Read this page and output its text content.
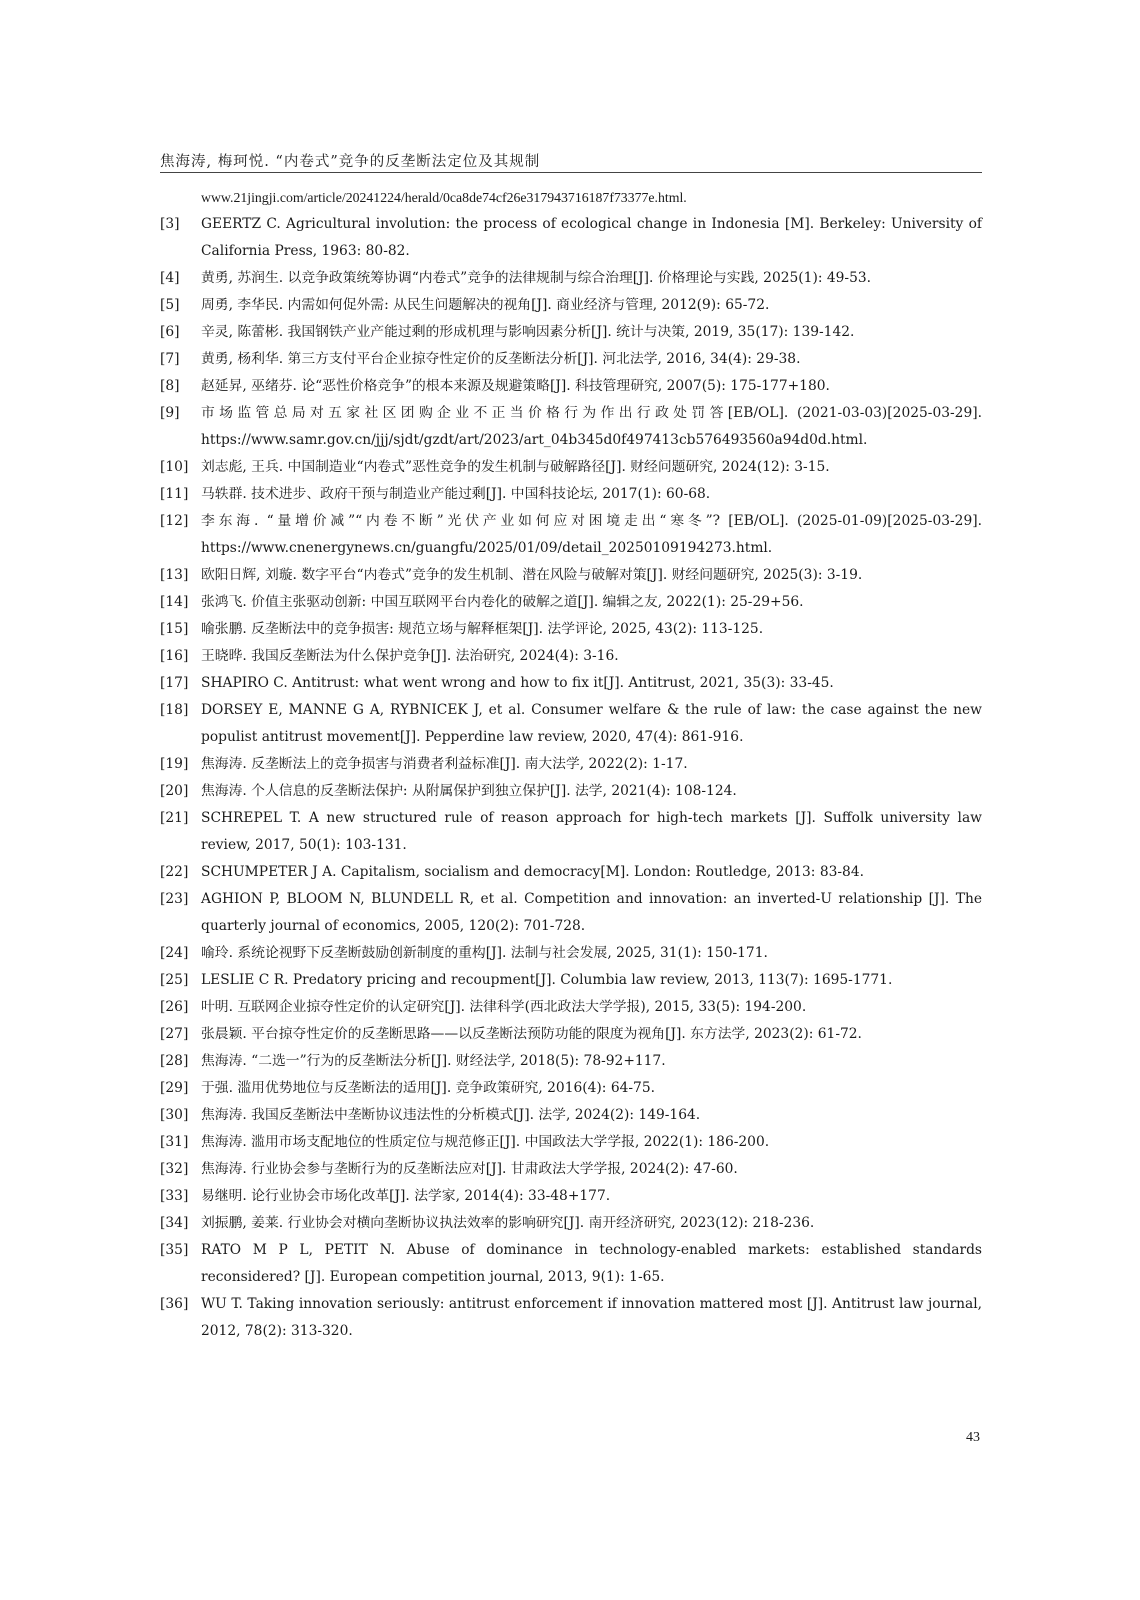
焦海涛, 梅珂悦. “内卷式”竞争的反垄断法定位及其规制
www.21jingji.com/article/20241224/herald/0ca8de74cf26e317943716187f73377e.html.
[3]	GEERTZ C. Agricultural involution: the process of ecological change in Indonesia [M]. Berkeley: University of California Press, 1963: 80-82.
[4]	黄勇, 苏润生. 以竞争政策统筹协调“内卷式”竞争的法律规制与综合治理[J]. 价格理论与实践, 2025(1): 49-53.
[5]	周勇, 李华民. 内需如何促外需: 从民生问题解决的视角[J]. 商业经济与管理, 2012(9): 65-72.
[6]	辛灵, 陈蕾彬. 我国钢铁产业产能过剩的形成机理与影响因素分析[J]. 统计与决策, 2019, 35(17): 139-142.
[7]	黄勇, 杨利华. 第三方支付平台企业掠夺性定价的反垄断法分析[J]. 河北法学, 2016, 34(4): 29-38.
[8]	赵延昇, 巫绪芬. 论“恶性价格竞争”的根本来源及规避策略[J]. 科技管理研究, 2007(5): 175-177+180.
[9]	市场监管总局对五家社区团购企业不正当价格行为作出行政处罚答[EB/OL]. (2021-03-03)[2025-03-29]. https://www.samr.gov.cn/jjj/sjdt/gzdt/art/2023/art_04b345d0f497413cb576493560a94d0d.html.
[10] 刘志彪, 王兵. 中国制造业“内卷式”恶性竞争的发生机制与破解路径[J]. 财经问题研究, 2024(12): 3-15.
[11] 马轶群. 技术进步、政府干预与制造业产能过剩[J]. 中国科技论坛, 2017(1): 60-68.
[12] 李东海. “量增价减”“内卷不断”光伏产业如何应对困境走出“寒冬”? [EB/OL]. (2025-01-09)[2025-03-29]. https://www.cnenergynews.cn/guangfu/2025/01/09/detail_20250109194273.html.
[13] 欧阳日辉, 刘璇. 数字平台“内卷式”竞争的发生机制、潜在风险与破解对策[J]. 财经问题研究, 2025(3): 3-19.
[14] 张鸿飞. 价值主张驱动创新: 中国互联网平台内卷化的破解之道[J]. 编辑之友, 2022(1): 25-29+56.
[15] 喻张鹏. 反垄断法中的竞争损害: 规范立场与解释框架[J]. 法学评论, 2025, 43(2): 113-125.
[16] 王晓晔. 我国反垄断法为什么保护竞争[J]. 法治研究, 2024(4): 3-16.
[17] SHAPIRO C. Antitrust: what went wrong and how to fix it[J]. Antitrust, 2021, 35(3): 33-45.
[18] DORSEY E, MANNE G A, RYBNICEK J, et al. Consumer welfare & the rule of law: the case against the new populist antitrust movement[J]. Pepperdine law review, 2020, 47(4): 861-916.
[19] 焦海涛. 反垄断法上的竞争损害与消费者利益标准[J]. 南大法学, 2022(2): 1-17.
[20] 焦海涛. 个人信息的反垄断法保护: 从附属保护到独立保护[J]. 法学, 2021(4): 108-124.
[21] SCHREPEL T. A new structured rule of reason approach for high-tech markets [J]. Suffolk university law review, 2017, 50(1): 103-131.
[22] SCHUMPETER J A. Capitalism, socialism and democracy[M]. London: Routledge, 2013: 83-84.
[23] AGHION P, BLOOM N, BLUNDELL R, et al. Competition and innovation: an inverted-U relationship [J]. The quarterly journal of economics, 2005, 120(2): 701-728.
[24] 喻玲. 系统论视野下反垄断鼓励创新制度的重构[J]. 法制与社会发展, 2025, 31(1): 150-171.
[25] LESLIE C R. Predatory pricing and recoupment[J]. Columbia law review, 2013, 113(7): 1695-1771.
[26] 叶明. 互联网企业掠夺性定价的认定研究[J]. 法律科学(西北政法大学学报), 2015, 33(5): 194-200.
[27] 张晨颖. 平台掠夺性定价的反垄断思路——以反垄断法预防功能的限度为视角[J]. 东方法学, 2023(2): 61-72.
[28] 焦海涛. “二选一”行为的反垄断法分析[J]. 财经法学, 2018(5): 78-92+117.
[29] 于强. 滥用优势地位与反垄断法的适用[J]. 竞争政策研究, 2016(4): 64-75.
[30] 焦海涛. 我国反垄断法中垄断协议违法性的分析模式[J]. 法学, 2024(2): 149-164.
[31] 焦海涛. 滥用市场支配地位的性质定位与规范修正[J]. 中国政法大学学报, 2022(1): 186-200.
[32] 焦海涛. 行业协会参与垄断行为的反垄断法应对[J]. 甘肃政法大学学报, 2024(2): 47-60.
[33] 易继明. 论行业协会市场化改革[J]. 法学家, 2014(4): 33-48+177.
[34] 刘振鹏, 姜莱. 行业协会对横向垄断协议执法效率的影响研究[J]. 南开经济研究, 2023(12): 218-236.
[35] RATO M P L, PETIT N. Abuse of dominance in technology-enabled markets: established standards reconsidered? [J]. European competition journal, 2013, 9(1): 1-65.
[36] WU T. Taking innovation seriously: antitrust enforcement if innovation mattered most [J]. Antitrust law journal, 2012, 78(2): 313-320.
43
